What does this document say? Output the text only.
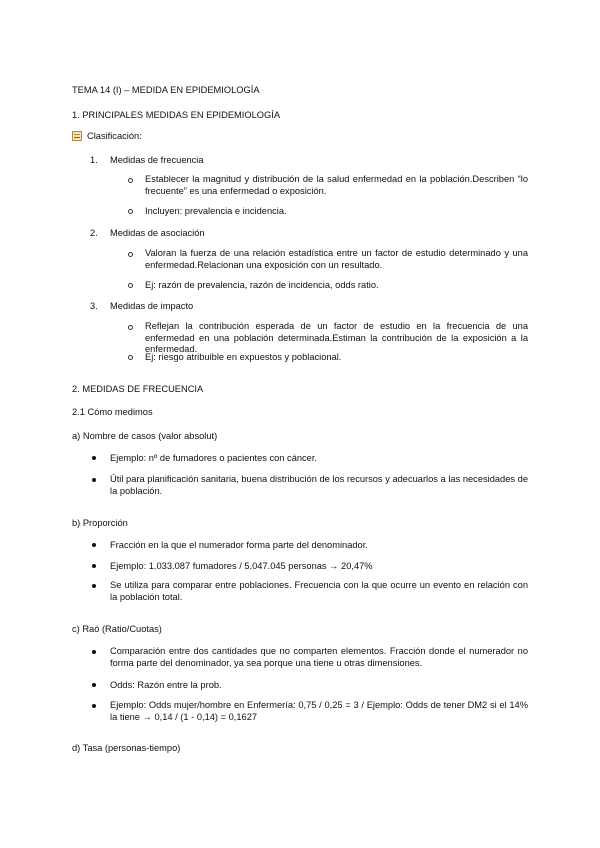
TEMA 14 (I) – MEDIDA EN EPIDEMIOLOGÍA
1. PRINCIPALES MEDIDAS EN EPIDEMIOLOGÍA
Clasificación:
1. Medidas de frecuencia
Establecer la magnitud y distribución de la salud enfermedad en la población.Describen “lo frecuente” es una enfermedad o exposición.
Incluyen: prevalencia e incidencia.
2. Medidas de asociación
Valoran la fuerza de una relación estadística entre un factor de estudio determinado y una enfermedad.Relacionan una exposición con un resultado.
Ej: razón de prevalencia, razón de incidencia, odds ratio.
3. Medidas de impacto
Reflejan la contribución esperada de un factor de estudio en la frecuencia de una enfermedad en una población determinada.Estiman la contribución de la exposición a la enfermedad.
Ej: riesgo atribuible en expuestos y poblacional.
2. MEDIDAS DE FRECUENCIA
2.1 Cómo medimos
a) Nombre de casos (valor absolut)
Ejemplo: nº de fumadores o pacientes con cáncer.
Útil para planificación sanitaria, buena distribución de los recursos y adecuarlos a las necesidades de la población.
b) Proporción
Fracción en la que el numerador forma parte del denominador.
Ejemplo: 1.033.087 fumadores / 5.047.045 personas → 20,47%
Se utiliza para comparar entre poblaciones. Frecuencia con la que ocurre un evento en relación con la población total.
c) Raó (Ratio/Cuotas)
Comparación entre dos cantidades que no comparten elementos. Fracción donde el numerador no forma parte del denominador, ya sea porque una tiene u otras dimensiones.
Odds: Razón entre la prob.
Ejemplo: Odds mujer/hombre en Enfermería: 0,75 / 0,25 = 3 / Ejemplo: Odds de tener DM2 si el 14% la tiene → 0,14 / (1 - 0,14) = 0,1627
d) Tasa (personas-tiempo)
